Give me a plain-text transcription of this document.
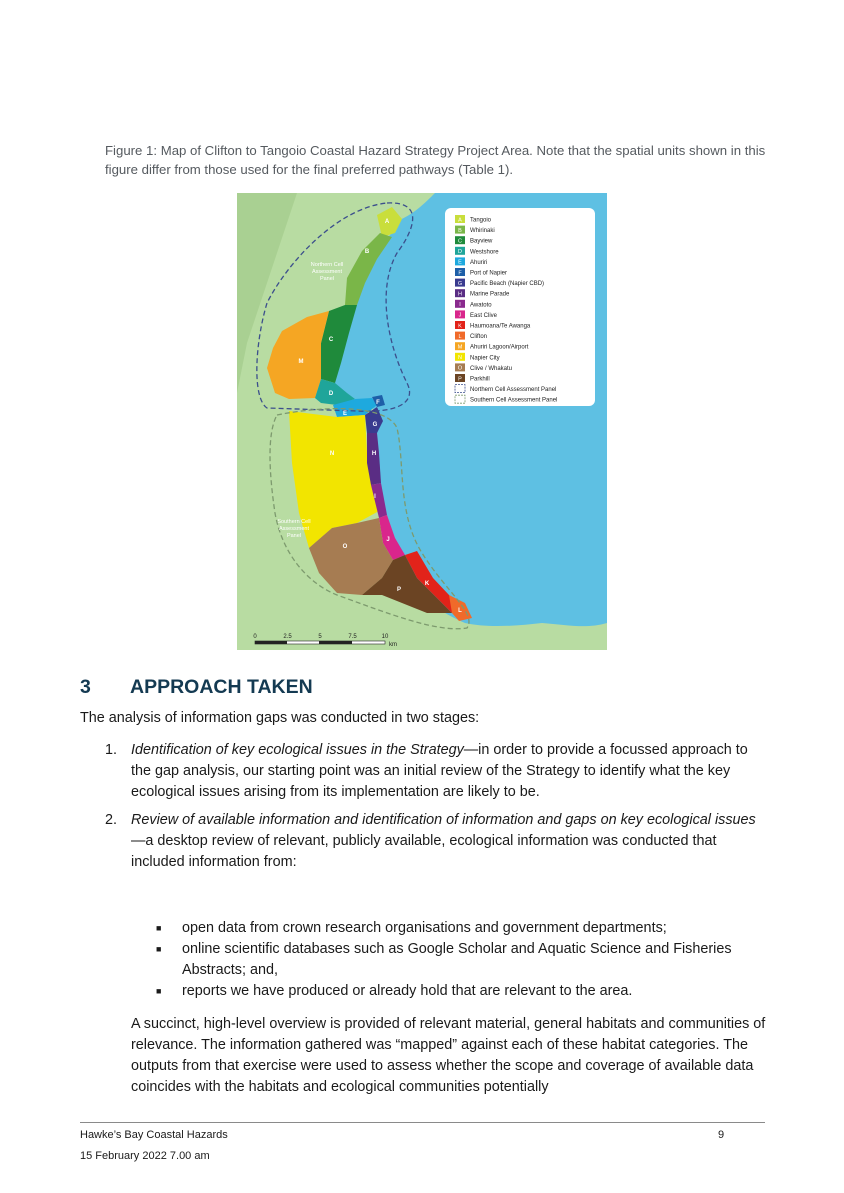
Figure 1: Map of Clifton to Tangoio Coastal Hazard Strategy Project Area. Note that the spatial units shown in this figure differ from those used for the final preferred pathways (Table 1).
Northern Cell
Assessment
Panel
Southern Cell
Assessment
Panel
A
B
C
D
E
F
G
H
I
J
K
L
M
N
O
P
A Tangoio
B Whirinaki
C Bayview
D Westshore
E Ahuriri
F Port of Napier
G Pacific Beach (Napier CBD)
H Marine Parade
I Awatoto
J East Clive
K Haumoana/Te Awanga
L Clifton
M Ahuriri Lagoon/Airport
N Napier City
O Clive / Whakatu
P Parkhill
Northern Cell Assessment Panel
Southern Cell Assessment Panel
0	2.5	5	7.5	10
km
3 APPROACH TAKEN
The analysis of information gaps was conducted in two stages:
1. Identification of key ecological issues in the Strategy—in order to provide a focussed approach to the gap analysis, our starting point was an initial review of the Strategy to identify what the key ecological issues arising from its implementation are likely to be.
2. Review of available information and identification of information and gaps on key ecological issues—a desktop review of relevant, publicly available, ecological information was conducted that included information from:
■ open data from crown research organisations and government departments;
■ online scientific databases such as Google Scholar and Aquatic Science and Fisheries Abstracts; and,
■ reports we have produced or already hold that are relevant to the area.
A succinct, high-level overview is provided of relevant material, general habitats and communities of relevance. The information gathered was “mapped” against each of these habitat categories. The outputs from that exercise were used to assess whether the scope and coverage of available data coincides with the habitats and ecological communities potentially
Hawke’s Bay Coastal Hazards	9
15 February 2022 7.00 am
